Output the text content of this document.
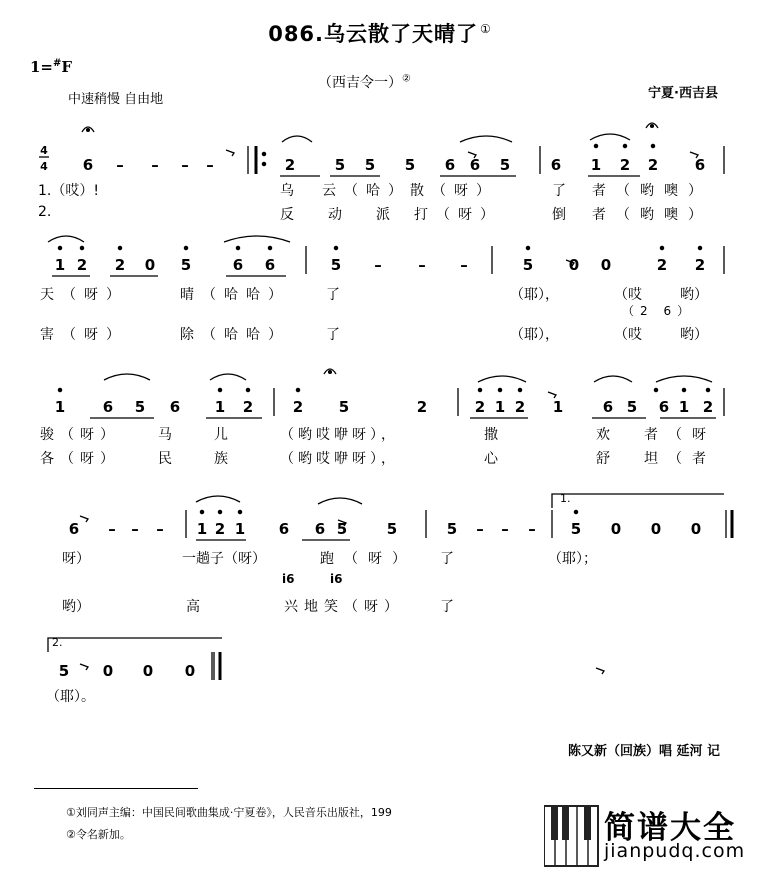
086.乌云散了天晴了 ①
1=#F
中速稍慢 自由地
（西吉令一）②
宁夏·西吉县
4
4 6 – – – –	2	5 5 5 6 6 5	6 1 2 2 6
1 2 2 0 5	6 6	5 – – –	5 0 0	2 2
1	6 5 6 1 2	2 5	2	2 1 2 1	6 5 6 1 2
6 – – – 1 2 1 6 6 5	5	5 – – – 5 0 0 0
5 0 0 0
1.（哎）!	乌 云（哈）散（呀）	了 者（哟噢）
2.	反 动 派 打（呀）	倒 者（哟噢）
天（呀）	晴（哈哈）	了	（耶），	（哎	哟）
（2 6）
害（呀）	除（哈哈）	了	（耶），	（哎	哟）
骏（呀）	马	儿	（哟哎咿呀），	撒	欢 者（呀
各（呀）	民	族	（哟哎咿呀），	心	舒 坦（者
呀）	一趟子（呀）	跑（呀） 了	（耶）；
i6	i6
哟）	高	兴地笑（呀）	了
（耶）。
1.
2.
陈又新（回族）唱 延河 记
①刘同声主编：中国民间歌曲集成·宁夏卷》，人民音乐出版社，199
②令名新加。	简谱大全
jianpudq.com
